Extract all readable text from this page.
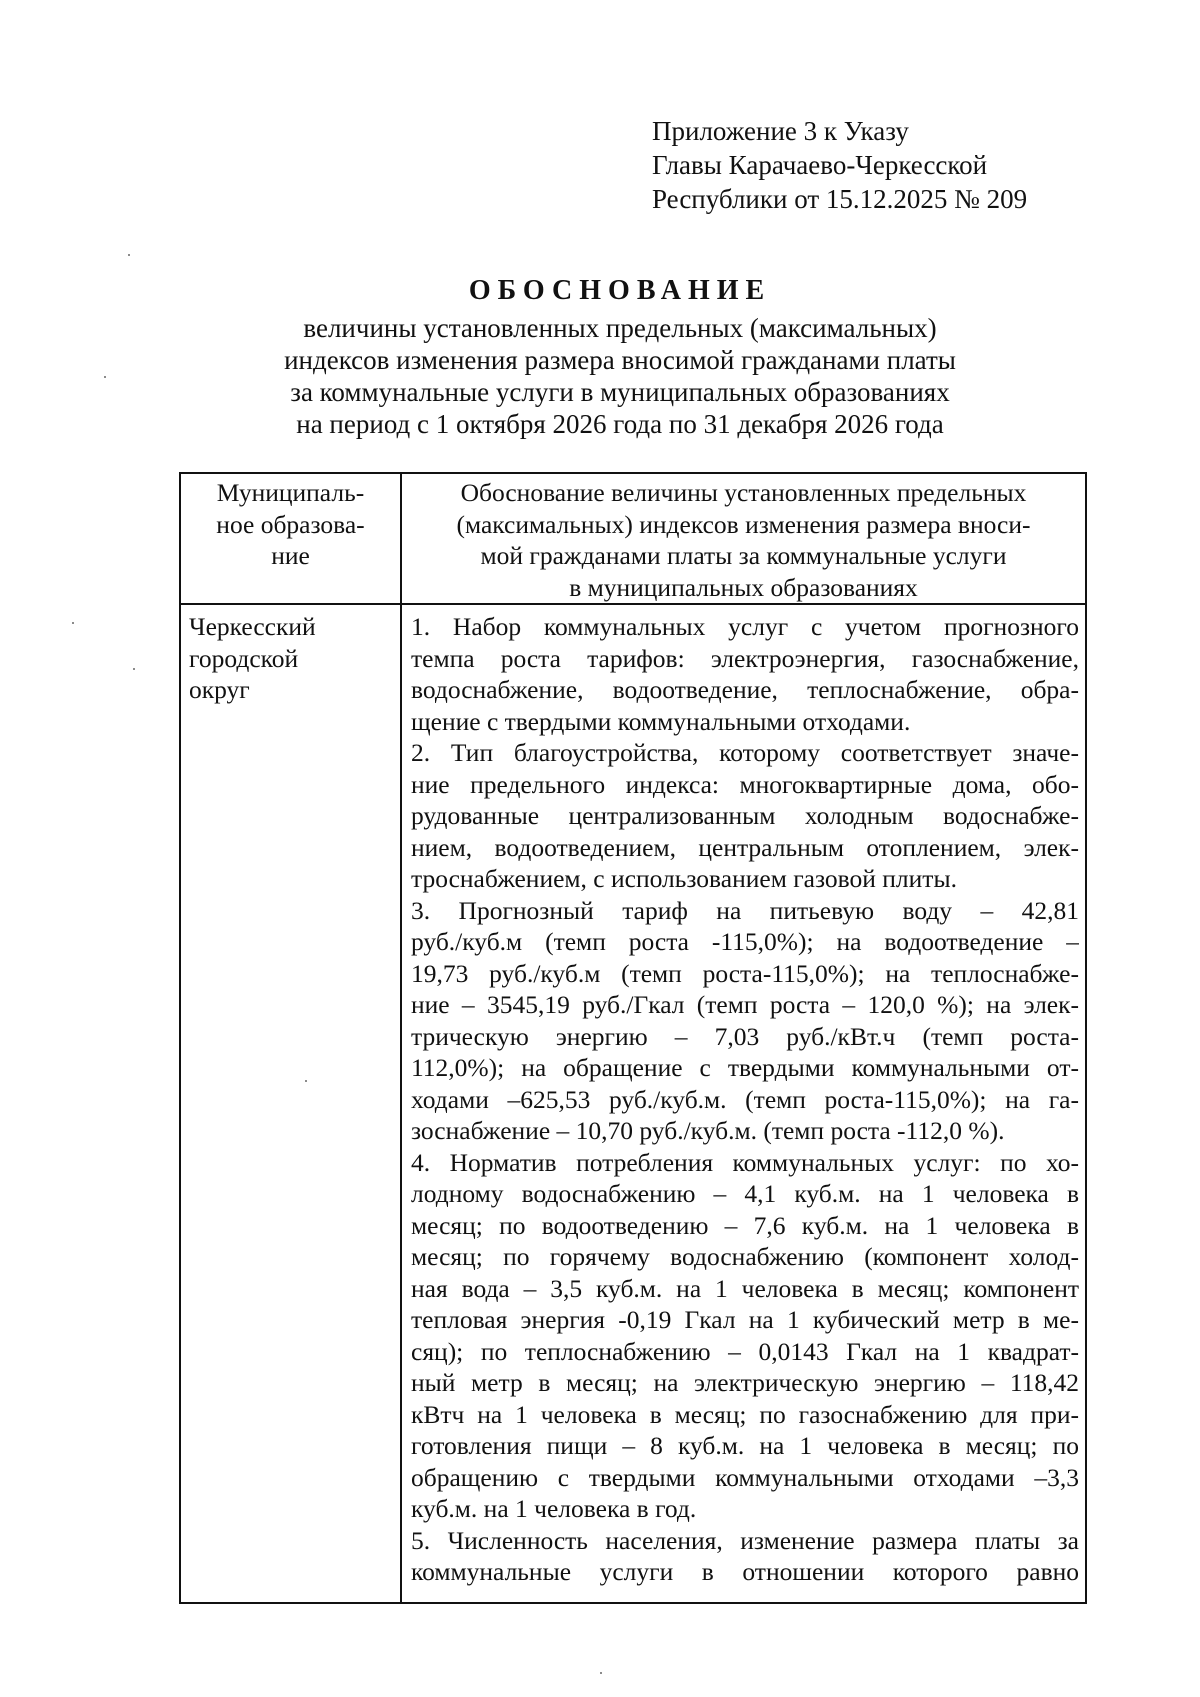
Приложение 3 к Указу
Главы Карачаево-Черкесской
Республики от 15.12.2025 № 209
ОБОСНОВАНИЕ
величины установленных предельных (максимальных)
индексов изменения размера вносимой гражданами платы
за коммунальные услуги в муниципальных образованиях
на период с 1 октября 2026 года по 31 декабря 2026 года
Муниципаль-
ное образова-
ние
Обоснование величины установленных предельных
(максимальных) индексов изменения размера вноси-
мой гражданами платы за коммунальные услуги
в муниципальных образованиях
Черкесский
городской
округ
1. Набор коммунальных услуг с учетом прогнозного
темпа роста тарифов: электроэнергия, газоснабжение,
водоснабжение, водоотведение, теплоснабжение, обра-
щение с твердыми коммунальными отходами.
2. Тип благоустройства, которому соответствует значе-
ние предельного индекса: многоквартирные дома, обо-
рудованные централизованным холодным водоснабже-
нием, водоотведением, центральным отоплением, элек-
троснабжением, с использованием газовой плиты.
3. Прогнозный тариф на питьевую воду – 42,81
руб./куб.м (темп роста -115,0%); на водоотведение –
19,73 руб./куб.м (темп роста-115,0%); на теплоснабже-
ние – 3545,19 руб./Гкал (темп роста – 120,0 %); на элек-
трическую энергию – 7,03 руб./кВт.ч (темп роста-
112,0%); на обращение с твердыми коммунальными от-
ходами –625,53 руб./куб.м. (темп роста-115,0%); на га-
зоснабжение – 10,70 руб./куб.м. (темп роста -112,0 %).
4. Норматив потребления коммунальных услуг: по хо-
лодному водоснабжению – 4,1 куб.м. на 1 человека в
месяц; по водоотведению – 7,6 куб.м. на 1 человека в
месяц; по горячему водоснабжению (компонент холод-
ная вода – 3,5 куб.м. на 1 человека в месяц; компонент
тепловая энергия -0,19 Гкал на 1 кубический метр в ме-
сяц); по теплоснабжению – 0,0143 Гкал на 1 квадрат-
ный метр в месяц; на электрическую энергию – 118,42
кВтч на 1 человека в месяц; по газоснабжению для при-
готовления пищи – 8 куб.м. на 1 человека в месяц; по
обращению с твердыми коммунальными отходами –3,3
куб.м. на 1 человека в год.
5. Численность населения, изменение размера платы за
коммунальные услуги в отношении которого равно
